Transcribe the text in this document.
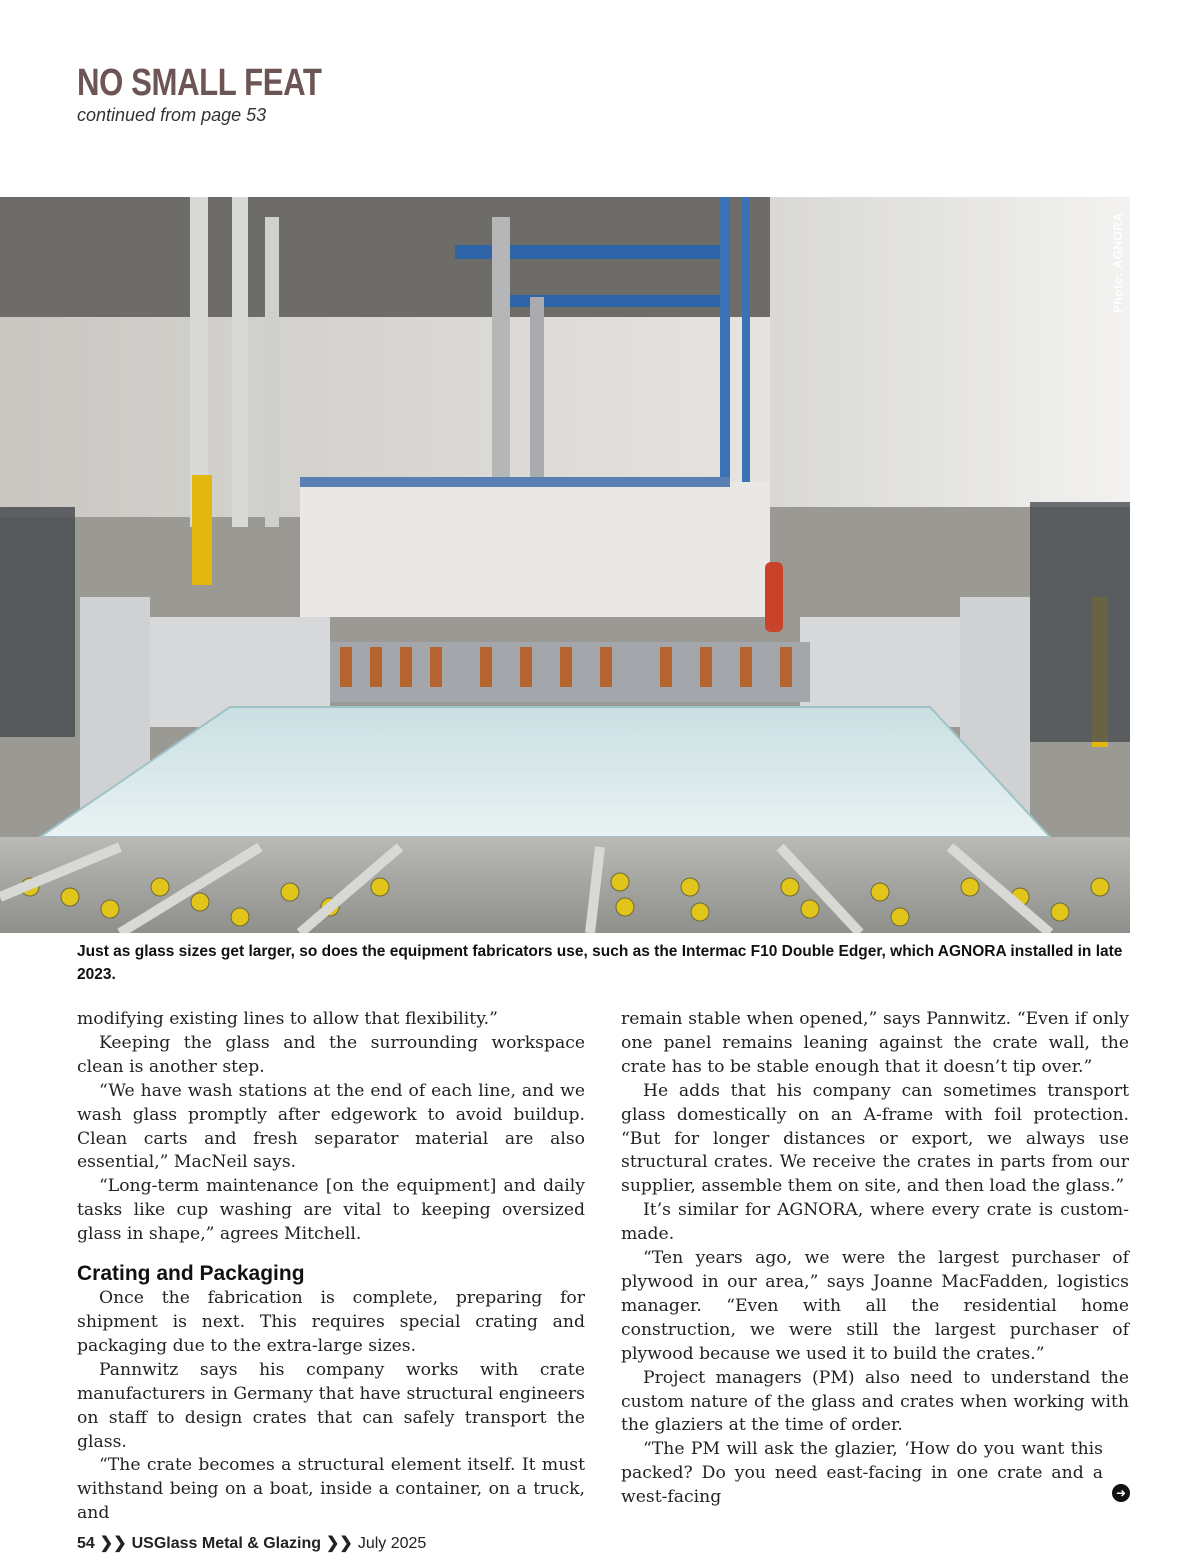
NO SMALL FEAT
continued from page 53
Photo: AGNORA
Just as glass sizes get larger, so does the equipment fabricators use, such as the Intermac F10 Double Edger, which AGNORA installed in late 2023.

modifying existing lines to allow that flexibility.”

Keeping the glass and the surrounding workspace clean is another step.

“We have wash stations at the end of each line, and we wash glass promptly after edgework to avoid buildup. Clean carts and fresh separator material are also essential,” MacNeil says.

“Long-term maintenance [on the equipment] and daily tasks like cup washing are vital to keeping oversized glass in shape,” agrees Mitchell.

Crating and Packaging

Once the fabrication is complete, preparing for shipment is next. This requires special crating and packaging due to the extra-large sizes.

Pannwitz says his company works with crate manufacturers in Germany that have structural engineers on staff to design crates that can safely transport the glass.

“The crate becomes a structural element itself. It must withstand being on a boat, inside a container, on a truck, and

remain stable when opened,” says Pannwitz. “Even if only one panel remains leaning against the crate wall, the crate has to be stable enough that it doesn’t tip over.”

He adds that his company can sometimes transport glass domestically on an A-frame with foil protection. “But for longer distances or export, we always use structural crates. We receive the crates in parts from our supplier, assemble them on site, and then load the glass.”

It’s similar for AGNORA, where every crate is custom-made.

“Ten years ago, we were the largest purchaser of plywood in our area,” says Joanne MacFadden, logistics manager. “Even with all the residential home construction, we were still the largest purchaser of plywood because we used it to build the crates.”

Project managers (PM) also need to understand the custom nature of the glass and crates when working with the glaziers at the time of order.

“The PM will ask the glazier, ‘How do you want this packed? Do you need east-facing in one crate and a west-facing	➜
54 ❯❯ USGlass Metal & Glazing ❯❯ July 2025
